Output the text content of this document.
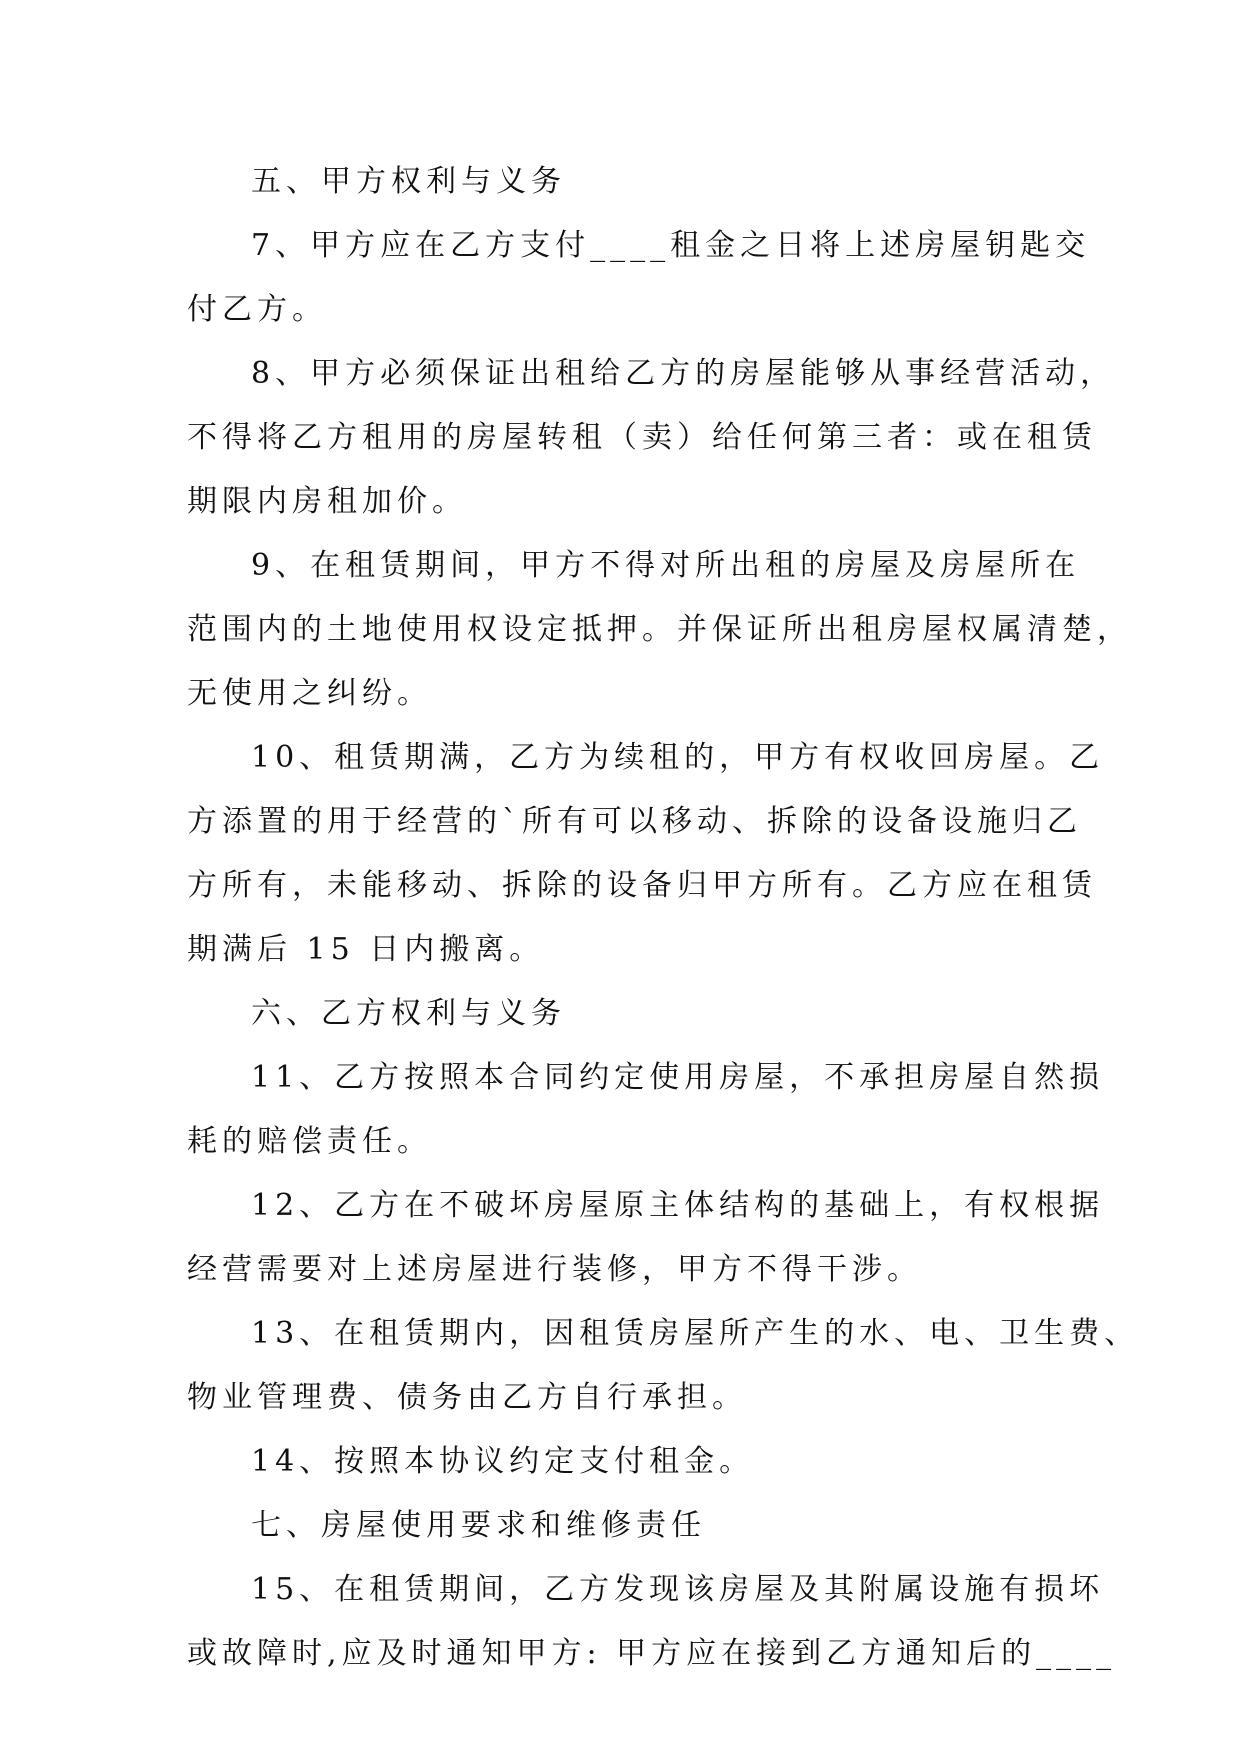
五、甲方权利与义务

7、甲方应在乙方支付____租金之日将上述房屋钥匙交
付乙方。

8、甲方必须保证出租给乙方的房屋能够从事经营活动，
不得将乙方租用的房屋转租（卖）给任何第三者：或在租赁
期限内房租加价。

9、在租赁期间，甲方不得对所出租的房屋及房屋所在
范围内的土地使用权设定抵押。并保证所出租房屋权属清楚，
无使用之纠纷。

10、租赁期满，乙方为续租的，甲方有权收回房屋。乙
方添置的用于经营的`所有可以移动、拆除的设备设施归乙
方所有，未能移动、拆除的设备归甲方所有。乙方应在租赁
期满后 15 日内搬离。

六、乙方权利与义务

11、乙方按照本合同约定使用房屋，不承担房屋自然损
耗的赔偿责任。

12、乙方在不破坏房屋原主体结构的基础上，有权根据
经营需要对上述房屋进行装修，甲方不得干涉。

13、在租赁期内，因租赁房屋所产生的水、电、卫生费、
物业管理费、债务由乙方自行承担。

14、按照本协议约定支付租金。

七、房屋使用要求和维修责任

15、在租赁期间，乙方发现该房屋及其附属设施有损坏
或故障时,应及时通知甲方: 甲方应在接到乙方通知后的____
